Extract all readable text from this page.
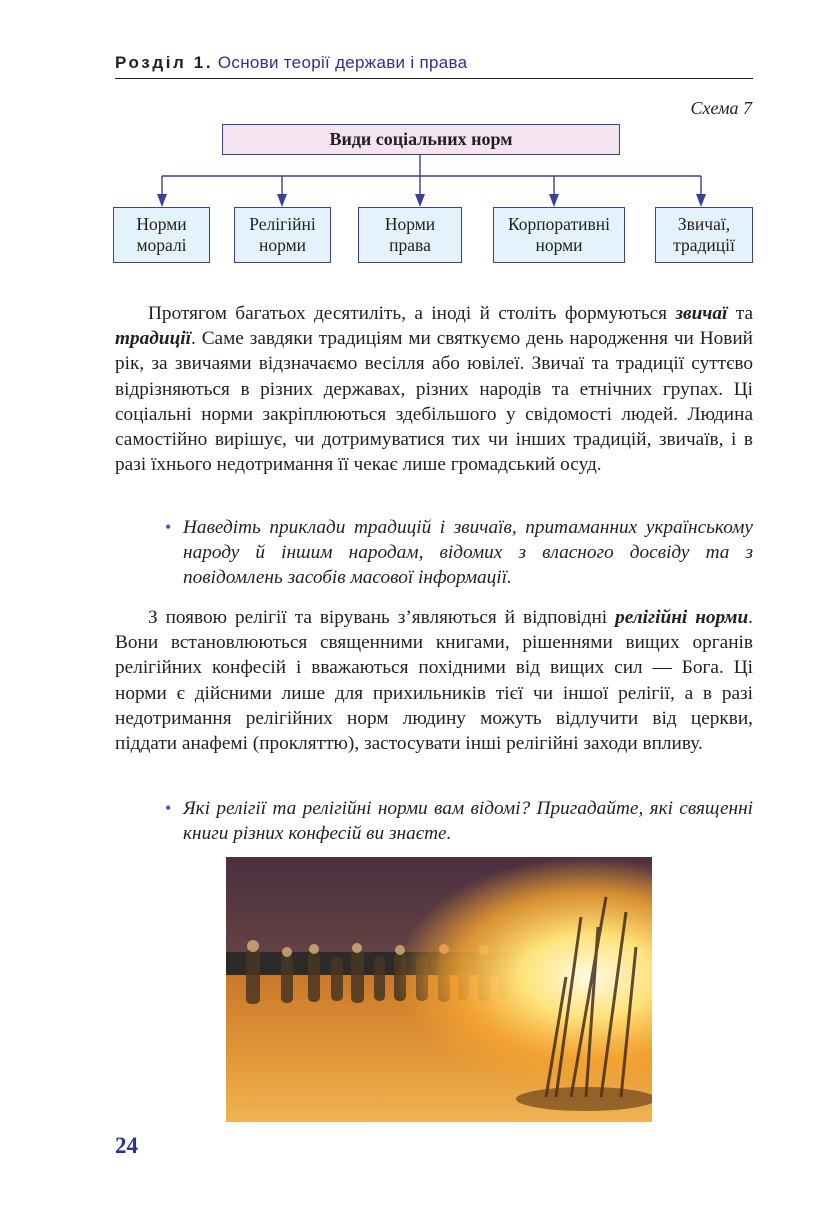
Розділ 1. Основи теорії держави і права
Схема 7
Види соціальних норм
Норми
моралі
Релігійні
норми
Норми
права
Корпоративні
норми
Звичаї,
традиції

Протягом багатьох десятиліть, а іноді й століть формуються звичаї та традиції. Саме завдяки традиціям ми святкуємо день народження чи Новий рік, за звичаями відзначаємо весілля або ювілеї. Звичаї та традиції суттєво відрізняються в різних державах, різних народів та етнічних групах. Ці соціальні норми закріплюються здебільшого у свідомості людей. Людина самостійно вирішує, чи дотримуватися тих чи інших традицій, звичаїв, і в разі їхнього недотримання її чекає лише громадський осуд.

• Наведіть приклади традицій і звичаїв, притаманних українському народу й іншим народам, відомих з власного досвіду та з повідомлень засобів масової інформації.

З появою релігії та вірувань з’являються й відповідні релігійні норми. Вони встановлюються священними книгами, рішеннями вищих органів релігійних конфесій і вважаються похідними від вищих сил — Бога. Ці норми є дійсними лише для прихильників тієї чи іншої релігії, а в разі недотримання релігійних норм людину можуть відлучити від церкви, піддати анафемі (прокляттю), застосувати інші релігійні заходи впливу.

• Які релігії та релігійні норми вам відомі? Пригадайте, які священні книги різних конфесій ви знаєте.

24
